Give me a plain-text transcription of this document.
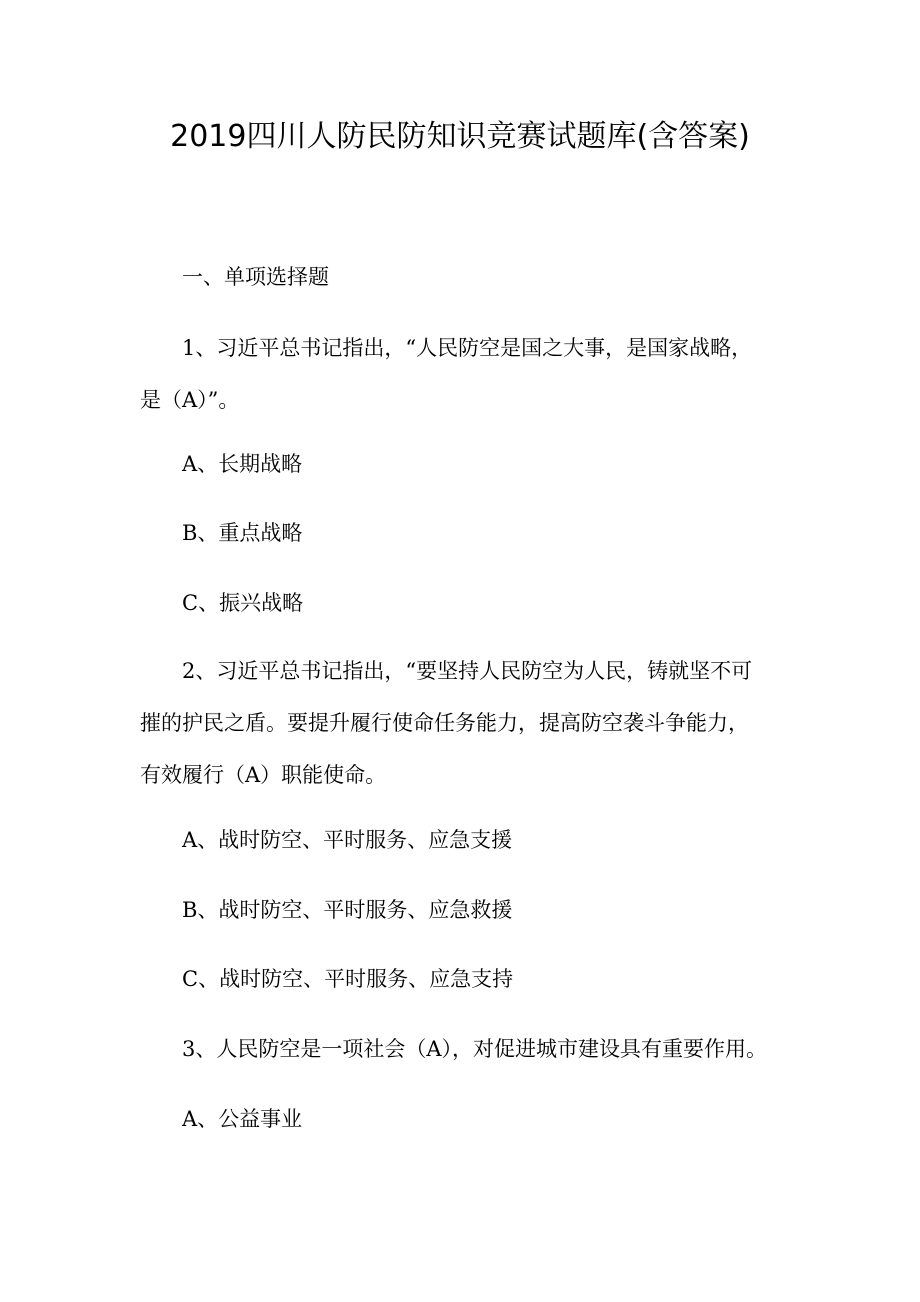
2019四川人防民防知识竞赛试题库(含答案)
一、单项选择题
1、习近平总书记指出，“人民防空是国之大事，是国家战略，
是（A）”。
A、长期战略
B、重点战略
C、振兴战略
2、习近平总书记指出，“要坚持人民防空为人民，铸就坚不可
摧的护民之盾。要提升履行使命任务能力，提高防空袭斗争能力，
有效履行（A）职能使命。
A、战时防空、平时服务、应急支援
B、战时防空、平时服务、应急救援
C、战时防空、平时服务、应急支持
3、人民防空是一项社会（A），对促进城市建设具有重要作用。
A、公益事业
